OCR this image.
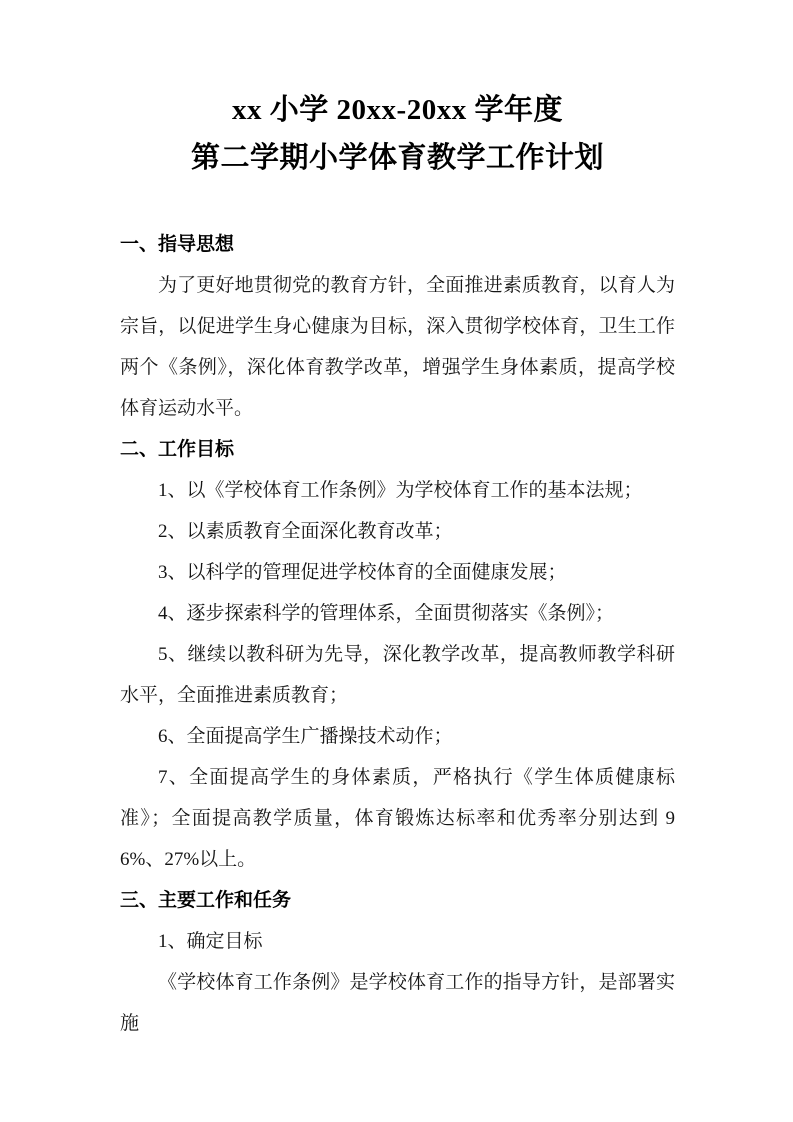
xx 小学 20xx-20xx 学年度
第二学期小学体育教学工作计划
一、指导思想

为了更好地贯彻党的教育方针，全面推进素质教育，以育人为宗旨，以促进学生身心健康为目标，深入贯彻学校体育，卫生工作两个《条例》，深化体育教学改革，增强学生身体素质，提高学校体育运动水平。

二、工作目标

1、以《学校体育工作条例》为学校体育工作的基本法规；

2、以素质教育全面深化教育改革；

3、以科学的管理促进学校体育的全面健康发展；

4、逐步探索科学的管理体系，全面贯彻落实《条例》；

5、继续以教科研为先导，深化教学改革，提高教师教学科研水平，全面推进素质教育；

6、全面提高学生广播操技术动作；

7、全面提高学生的身体素质，严格执行《学生体质健康标准》；全面提高教学质量，体育锻炼达标率和优秀率分别达到 96%、27%以上。

三、主要工作和任务

1、确定目标

《学校体育工作条例》是学校体育工作的指导方针，是部署实施
